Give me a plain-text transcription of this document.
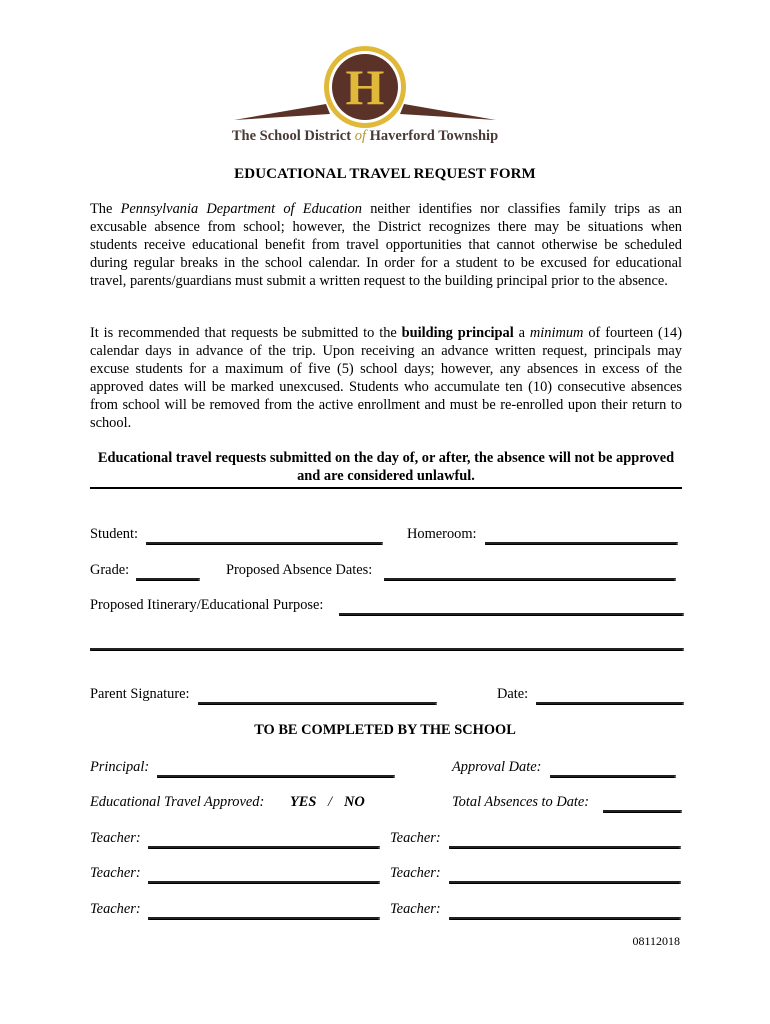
H
The School District of Haverford Township
EDUCATIONAL TRAVEL REQUEST FORM

The Pennsylvania Department of Education neither identifies nor classifies family trips as an excusable absence from school; however, the District recognizes there may be situations when students receive educational benefit from travel opportunities that cannot otherwise be scheduled during regular breaks in the school calendar. In order for a student to be excused for educational travel, parents/guardians must submit a written request to the building principal prior to the absence.

It is recommended that requests be submitted to the building principal a minimum of fourteen (14) calendar days in advance of the trip. Upon receiving an advance written request, principals may excuse students for a maximum of five (5) school days; however, any absences in excess of the approved dates will be marked unexcused. Students who accumulate ten (10) consecutive absences from school will be removed from the active enrollment and must be re-enrolled upon their return to school.

Educational travel requests submitted on the day of, or after, the absence will not be approved and are considered unlawful.

Student:	Homeroom:
Grade:	Proposed Absence Dates:
Proposed Itinerary/Educational Purpose:
Parent Signature:	Date:
TO BE COMPLETED BY THE SCHOOL
Principal:	Approval Date:
Educational Travel Approved: YES / NO	Total Absences to Date:
Teacher:	Teacher:
Teacher:	Teacher:
Teacher:	Teacher:
08112018
